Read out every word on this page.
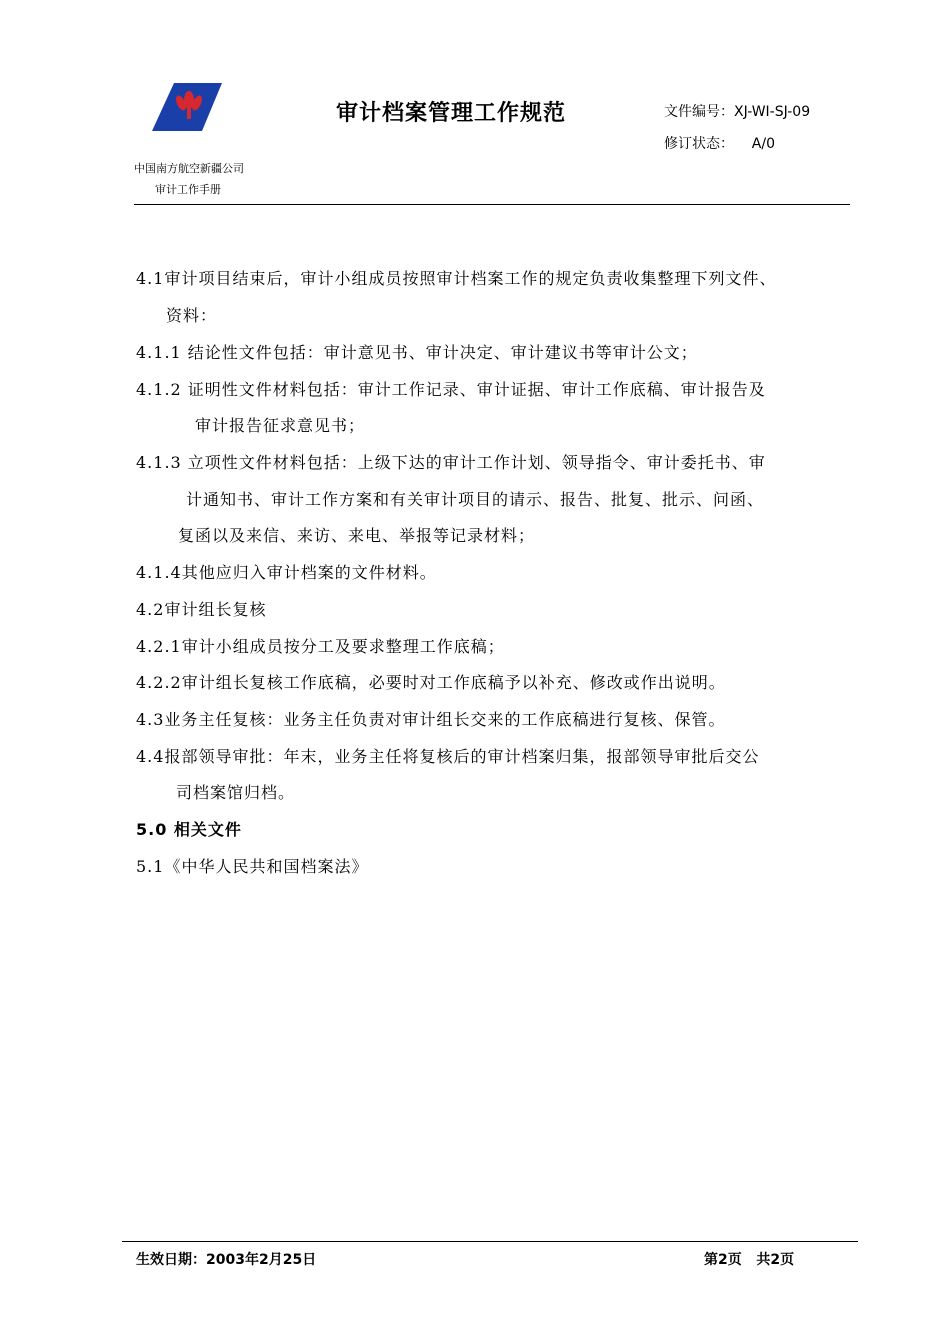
审计档案管理工作规范	文件编号：XJ-WI-SJ-09
修订状态：    A/0
中国南方航空新疆公司
审计工作手册
4.1审计项目结束后，审计小组成员按照审计档案工作的规定负责收集整理下列文件、
资料：
4.1.1 结论性文件包括：审计意见书、审计决定、审计建议书等审计公文；
4.1.2 证明性文件材料包括：审计工作记录、审计证据、审计工作底稿、审计报告及
审计报告征求意见书；
4.1.3 立项性文件材料包括：上级下达的审计工作计划、领导指令、审计委托书、审
计通知书、审计工作方案和有关审计项目的请示、报告、批复、批示、问函、
复函以及来信、来访、来电、举报等记录材料；
4.1.4其他应归入审计档案的文件材料。
4.2审计组长复核
4.2.1审计小组成员按分工及要求整理工作底稿；
4.2.2审计组长复核工作底稿，必要时对工作底稿予以补充、修改或作出说明。
4.3业务主任复核：业务主任负责对审计组长交来的工作底稿进行复核、保管。
4.4报部领导审批：年末，业务主任将复核后的审计档案归集，报部领导审批后交公
司档案馆归档。
5.0 相关文件
5.1《中华人民共和国档案法》
生效日期：2003年2月25日	第2页   共2页
